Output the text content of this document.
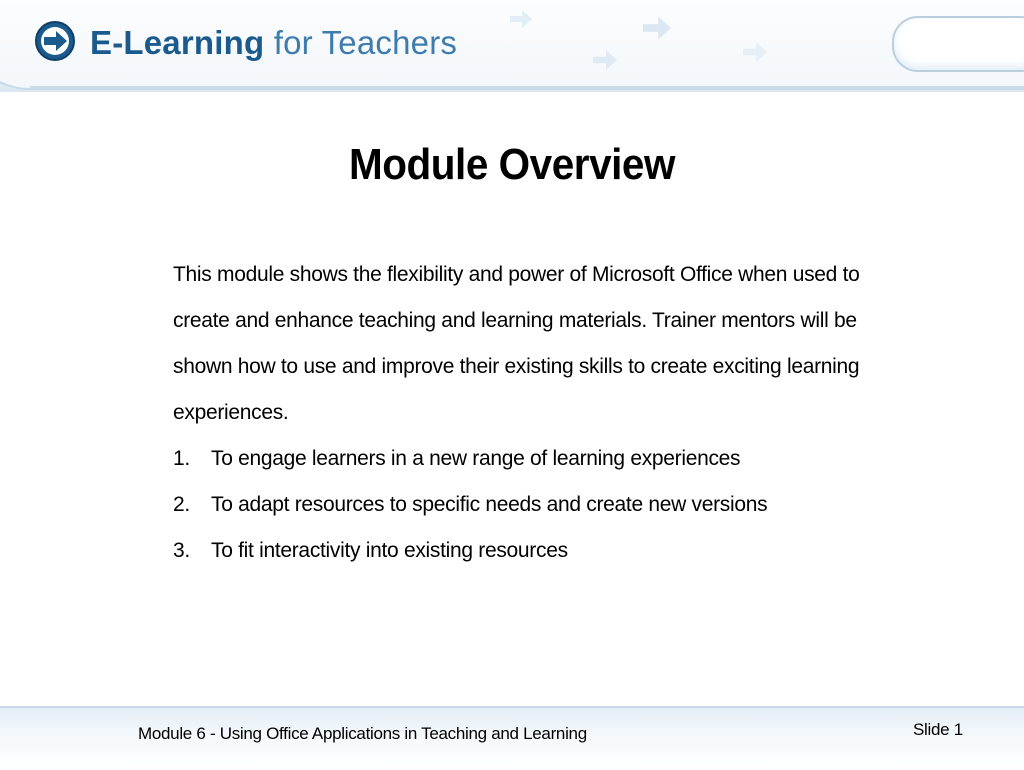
E-Learning for Teachers
Module Overview

This module shows the flexibility and power of Microsoft Office when used to create and enhance teaching and learning materials. Trainer mentors will be shown how to use and improve their existing skills to create exciting learning experiences.

1. To engage learners in a new range of learning experiences
2. To adapt resources to specific needs and create new versions
3. To fit interactivity into existing resources
Module 6 - Using Office Applications in Teaching and Learning	Slide 1
